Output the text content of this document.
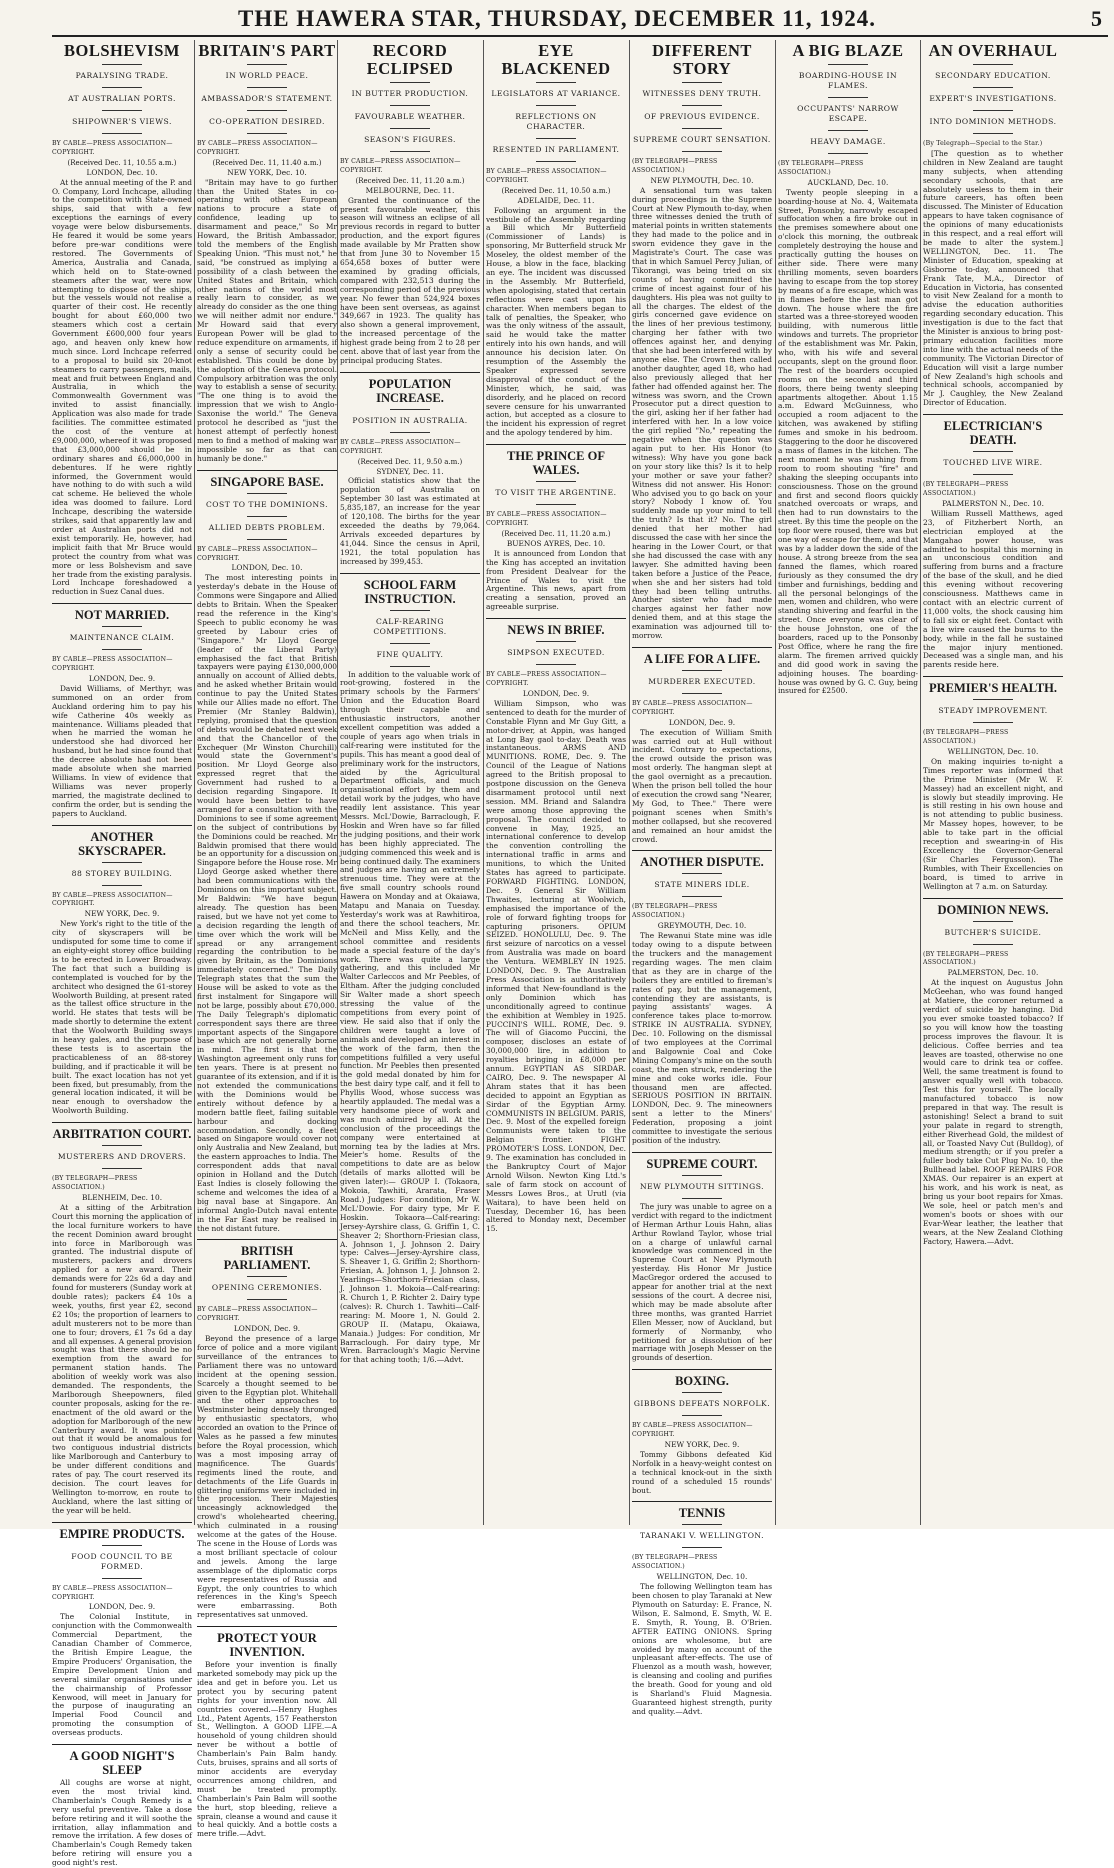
THE HAWERA STAR, THURSDAY, DECEMBER 11, 1924.	5
BOLSHEVISM
PARALYSING TRADE.
AT AUSTRALIAN PORTS.
SHIPOWNER'S VIEWS.
BY CABLE—PRESS ASSOCIATION—COPYRIGHT.
(Received Dec. 11, 10.55 a.m.)
LONDON, Dec. 10.

At the annual meeting of the P. and O. Company, Lord Inchcape, alluding to the competition with State-owned ships, said that with a few exceptions the earnings of every voyage were below disbursements. He feared it would be some years before pre-war conditions were restored. The Governments of America, Australia and Canada, which held on to State-owned steamers after the war, were now attempting to dispose of the ships, but the vessels would not realise a quarter of their cost. He recently bought for about £60,000 two steamers which cost a certain Government £600,000 four years ago, and heaven only knew how much since. Lord Inchcape referred to a proposal to build six 20-knot steamers to carry passengers, mails, meat and fruit between England and Australia, in which the Commonwealth Government was invited to assist financially. Application was also made for trade facilities. The committee estimated the cost of the venture at £9,000,000, whereof it was proposed that £3,000,000 should be in ordinary shares and £6,000,000 in debentures. If he were rightly informed, the Government would have nothing to do with such a wild cat scheme. He believed the whole idea was doomed to failure. Lord Inchcape, describing the waterside strikes, said that apparently law and order at Australian ports did not exist temporarily. He, however, had implicit faith that Mr Bruce would protect the country from what was more or less Bolshevism and save her trade from the existing paralysis. Lord Inchcape foreshadowed a reduction in Suez Canal dues.

NOT MARRIED.
MAINTENANCE CLAIM.
BY CABLE—PRESS ASSOCIATION—COPYRIGHT.
LONDON, Dec. 9.

David Williams, of Merthyr, was summoned on an order from Auckland ordering him to pay his wife Catherine 40s weekly as maintenance. Williams pleaded that when he married the woman he understood she had divorced her husband, but he had since found that the decree absolute had not been made absolute when she married Williams. In view of evidence that Williams was never properly married, the magistrate declined to confirm the order, but is sending the papers to Auckland.

ANOTHER SKYSCRAPER.
88 STOREY BUILDING.
BY CABLE—PRESS ASSOCIATION—COPYRIGHT.
NEW YORK, Dec. 9.

New York's right to the title of the city of skyscrapers will be undisputed for some time to come if an eighty-eight storey office building is to be erected in Lower Broadway. The fact that such a building is contemplated is vouched for by the architect who designed the 61-storey Woolworth Building, at present rated as the tallest office structure in the world. He states that tests will be made shortly to determine the extent that the Woolworth Building sways in heavy gales, and the purpose of these tests is to ascertain the practicableness of an 88-storey building, and if practicable it will be built. The exact location has not yet been fixed, but presumably, from the general location indicated, it will be near enough to overshadow the Woolworth Building.

ARBITRATION COURT.
MUSTERERS AND DROVERS.
(BY TELEGRAPH—PRESS ASSOCIATION.)
BLENHEIM, Dec. 10.

At a sitting of the Arbitration Court this morning the application of the local furniture workers to have the recent Dominion award brought into force in Marlborough was granted. The industrial dispute of musterers, packers and drovers applied for a new award. Their demands were for 22s 6d a day and found for musterers (Sunday work at double rates); packers £4 10s a week, youths, first year £2, second £2 10s; the proportion of learners to adult musterers not to be more than one to four; drovers, £1 7s 6d a day and all expenses. A general provision sought was that there should be no exemption from the award for permanent station hands. The abolition of weekly work was also demanded. The respondents, the Marlborough Sheepowners, filed counter proposals, asking for the re-enactment of the old award or the adoption for Marlborough of the new Canterbury award. It was pointed out that it would be anomalous for two contiguous industrial districts like Marlborough and Canterbury to be under different conditions and rates of pay. The court reserved its decision. The court leaves for Wellington to-morrow, en route to Auckland, where the last sitting of the year will be held.

EMPIRE PRODUCTS.
FOOD COUNCIL TO BE FORMED.
BY CABLE—PRESS ASSOCIATION—COPYRIGHT.
LONDON, Dec. 9.

The Colonial Institute, in conjunction with the Commonwealth Commercial Department, the Canadian Chamber of Commerce, the British Empire League, the Empire Producers' Organisation, the Empire Development Union and several similar organisations under the chairmanship of Professor Kenwood, will meet in January for the purpose of inaugurating an Imperial Food Council and promoting the consumption of overseas products.

A GOOD NIGHT'S SLEEP

All coughs are worse at night, even the most trivial kind. Chamberlain's Cough Remedy is a very useful preventive. Take a dose before retiring and it will soothe the irritation, allay inflammation and remove the irritation. A few doses of Chamberlain's Cough Remedy taken before retiring will ensure you a good night's rest.

BRITAIN'S PART
IN WORLD PEACE.
AMBASSADOR'S STATEMENT.
CO-OPERATION DESIRED.
BY CABLE—PRESS ASSOCIATION—COPYRIGHT.
(Received Dec. 11, 11.40 a.m.)
NEW YORK, Dec. 10.

"Britain may have to go further than the United States in co-operating with other European nations to procure a state of confidence, leading up to disarmament and peace," So Mr Howard, the British Ambassador, told the members of the English Speaking Union. "This must not," he said, "be construed as implying a possibility of a clash between the United States and Britain, which other nations of the world most really learn to consider, as we already do consider as the one thing we will neither admit nor endure." Mr Howard said that every European Power will be glad to reduce expenditure on armaments, if only a sense of security could be established. This could be done by the adoption of the Geneva protocol. Compulsory arbitration was the only way to establish a sense of security. "The one thing is to avoid the impression that we wish to Anglo-Saxonise the world." The Geneva protocol he described as "just the honest attempt of perfectly honest men to find a method of making war impossible so far as that can humanly be done."

SINGAPORE BASE.
COST TO THE DOMINIONS.
ALLIED DEBTS PROBLEM.
BY CABLE—PRESS ASSOCIATION—COPYRIGHT.
LONDON, Dec. 10.

The most interesting points in yesterday's debate in the House of Commons were Singapore and Allied debts to Britain. When the Speaker read the reference in the King's Speech to public economy he was greeted by Labour cries of "Singapore." Mr Lloyd George (leader of the Liberal Party) emphasised the fact that British taxpayers were paying £130,000,000 annually on account of Allied debts, and he asked whether Britain would continue to pay the United States while our Allies made no effort. The Premier (Mr Stanley Baldwin), replying, promised that the question of debts would be debated next week and that the Chancellor of the Exchequer (Mr Winston Churchill) would state the Government's position. Mr Lloyd George also expressed regret that the Government had rushed to a decision regarding Singapore. It would have been better to have arranged for a consultation with the Dominions to see if some agreement on the subject of contributions by the Dominions could be reached. Mr Baldwin promised that there would be an opportunity for a discussion on Singapore before the House rose. Mr Lloyd George asked whether there had been communications with the Dominions on this important subject. Mr Baldwin: "We have begun already. The question has been raised, but we have not yet come to a decision regarding the length of time over which the work will be spread or any arrangement regarding the contribution to be given by Britain, as the Dominions immediately concerned." The Daily Telegraph states that the sum the House will be asked to vote as the first instalment for Singapore will not be large, possibly about £70,000. The Daily Telegraph's diplomatic correspondent says there are three important aspects of the Singapore base which are not generally borne in mind. The first is that the Washington agreement only runs for ten years. There is at present no guarantee of its extension, and if it is not extended the communications with the Dominions would be entirely without defence by a modern battle fleet, failing suitable harbour and docking accommodation. Secondly, a fleet based on Singapore would cover not only Australia and New Zealand, but the eastern approaches to India. The correspondent adds that naval opinion in Holland and the Dutch East Indies is closely following the scheme and welcomes the idea of a big naval base at Singapore. An informal Anglo-Dutch naval entente in the Far East may be realised in the not distant future.

BRITISH PARLIAMENT.
OPENING CEREMONIES.
BY CABLE—PRESS ASSOCIATION—COPYRIGHT.
LONDON, Dec. 9.

Beyond the presence of a large force of police and a more vigilant surveillance of the entrances to Parliament there was no untoward incident at the opening session. Scarcely a thought seemed to be given to the Egyptian plot. Whitehall and the other approaches to Westminster being densely thronged by enthusiastic spectators, who accorded an ovation to the Prince of Wales as he passed a few minutes before the Royal procession, which was a most imposing array of magnificence. The Guards' regiments lined the route, and detachments of the Life Guards in glittering uniforms were included in the procession. Their Majesties unceasingly acknowledged the crowd's wholehearted cheering, which culminated in a rousing welcome at the gates of the House. The scene in the House of Lords was a most brilliant spectacle of colour and jewels. Among the large assemblage of the diplomatic corps were representatives of Russia and Egypt, the only countries to which references in the King's Speech were embarrassing. Both representatives sat unmoved.

PROTECT YOUR INVENTION.

Before your invention is finally marketed somebody may pick up the idea and get in before you. Let us protect you by securing patent rights for your invention now. All countries covered.—Henry Hughes Ltd., Patent Agents, 157 Featherston St., Wellington. A GOOD LIFE.—A household of young children should never be without a bottle of Chamberlain's Pain Balm handy. Cuts, bruises, sprains and all sorts of minor accidents are everyday occurrences among children, and must be treated promptly. Chamberlain's Pain Balm will soothe the hurt, stop bleeding, relieve a sprain, cleanse a wound and cause it to heal quickly. And a bottle costs a mere trifle.—Advt.

RECORD ECLIPSED
IN BUTTER PRODUCTION.
FAVOURABLE WEATHER.
SEASON'S FIGURES.
BY CABLE—PRESS ASSOCIATION—COPYRIGHT.
(Received Dec. 11, 11.20 a.m.)
MELBOURNE, Dec. 11.

Granted the continuance of the present favourable weather, this season will witness an eclipse of all previous records in regard to butter production, and the export figures made available by Mr Pratten show that from June 30 to November 15 654,658 boxes of butter were examined by grading officials, compared with 232,513 during the corresponding period of the previous year. No fewer than 524,924 boxes have been sent overseas, as against 349,667 in 1923. The quality has also shown a general improvement, the increased percentage of the highest grade being from 2 to 28 per cent. above that of last year from the principal producing States.

POPULATION INCREASE.
POSITION IN AUSTRALIA.
BY CABLE—PRESS ASSOCIATION—COPYRIGHT.
(Received Dec. 11, 9.50 a.m.)
SYDNEY, Dec. 11.

Official statistics show that the population of Australia on September 30 last was estimated at 5,835,187, an increase for the year of 120,108. The births for the year exceeded the deaths by 79,064. Arrivals exceeded departures by 41,044. Since the census in April, 1921, the total population has increased by 399,453.

SCHOOL FARM INSTRUCTION.
CALF-REARING COMPETITIONS.
FINE QUALITY.

In addition to the valuable work of root-growing, fostered in the primary schools by the Farmers' Union and the Education Board through their capable and enthusiastic instructors, another excellent competition was added a couple of years ago when trials in calf-rearing were instituted for the pupils. This has meant a good deal of preliminary work for the instructors, aided by the Agricultural Department officials, and much organisational effort by them and detail work by the judges, who have readily lent assistance. This year Messrs. McL'Dowie, Barraclough, F. Hoskin and Wren have so far filled the judging positions, and their work has been highly appreciated. The judging commenced this week and is being continued daily. The examiners and judges are having an extremely strenuous time. They were at the five small country schools round Hawera on Monday and at Okaiawa, Matapu and Manaia on Tuesday. Yesterday's work was at Rawhitiroa, and there the school teachers, Mr. McNeil and Miss Kelly, and the school committee and residents made a special feature of the day's work. There was quite a large gathering, and this included Mr Walter Carleccos and Mr Peebles, of Eltham. After the judging concluded Sir Walter made a short speech stressing the value of the competitions from every point of view. He said also that if only the children were taught a love of animals and developed an interest in the work of the farm, then the competitions fulfilled a very useful function. Mr Peebles then presented the gold medal donated by him for the best dairy type calf, and it fell to Phyllis Wood, whose success was heartily applauded. The medal was a very handsome piece of work and was much admired by all. At the conclusion of the proceedings the company were entertained at morning tea by the ladies at Mrs. Meier's home. Results of the competitions to date are as below (details of marks allotted will be given later):— GROUP I. (Tokaora, Mokoia, Tawhiti, Ararata, Fraser Road.) Judges: For condition, Mr W. McL'Dowie. For dairy type, Mr F. Hoskin. Tokaora—Calf-rearing: Jersey-Ayrshire class, G. Griffin 1, C. Sheaver 2; Shorthorn-Friesian class, A. Johnson 1, J. Johnson 2. Dairy type: Calves—Jersey-Ayrshire class, S. Sheaver 1, G. Griffin 2; Shorthorn-Friesian, A. Johnson 1, J. Johnson 2. Yearlings—Shorthorn-Friesian class, J. Johnson 1. Mokoia—Calf-rearing: R. Church 1, P. Richter 2. Dairy type (calves): R. Church 1. Tawhiti—Calf-rearing: M. Moore 1, N. Gould 2. GROUP II. (Matapu, Okaiawa, Manaia.) Judges: For condition, Mr Barraclough. For dairy type, Mr Wren. Barraclough's Magic Nervine for that aching tooth; 1/6.—Advt.

EYE BLACKENED
LEGISLATORS AT VARIANCE.
REFLECTIONS ON CHARACTER.
RESENTED IN PARLIAMENT.
BY CABLE—PRESS ASSOCIATION—COPYRIGHT.
(Received Dec. 11, 10.50 a.m.)
ADELAIDE, Dec. 11.

Following an argument in the vestibule of the Assembly regarding a Bill which Mr Butterfield (Commissioner of Lands) is sponsoring, Mr Butterfield struck Mr Moseley, the oldest member of the House, a blow in the face, blacking an eye. The incident was discussed in the Assembly. Mr Butterfield, when apologising, stated that certain reflections were cast upon his character. When members began to talk of penalties, the Speaker, who was the only witness of the assault, said he would take the matter entirely into his own hands, and will announce his decision later. On resumption of the Assembly the Speaker expressed severe disapproval of the conduct of the Minister, which, he said, was disorderly, and he placed on record severe censure for his unwarranted action, but accepted as a closure to the incident his expression of regret and the apology tendered by him.

THE PRINCE OF WALES.
TO VISIT THE ARGENTINE.
BY CABLE—PRESS ASSOCIATION—COPYRIGHT.
(Received Dec. 11, 11.20 a.m.)
BUENOS AYRES, Dec. 10.

It is announced from London that the King has accepted an invitation from President Dealvear for the Prince of Wales to visit the Argentine. This news, apart from creating a sensation, proved an agreeable surprise.

NEWS IN BRIEF.
SIMPSON EXECUTED.
BY CABLE—PRESS ASSOCIATION—COPYRIGHT.
LONDON, Dec. 9.

William Simpson, who was sentenced to death for the murder of Constable Flynn and Mr Guy Gitt, a motor-driver, at Appin, was hanged at Long Bay gaol to-day. Death was instantaneous. ARMS AND MUNITIONS. ROME, Dec. 9. The Council of the League of Nations agreed to the British proposal to postpone discussion on the Geneva disarmament protocol until next session. MM. Briand and Salandra were among those approving the proposal. The council decided to convene in May, 1925, an international conference to develop the convention controlling the international traffic in arms and munitions, to which the United States has agreed to participate. FORWARD FIGHTING. LONDON, Dec. 9. General Sir William Thwaites, lecturing at Woolwich, emphasised the importance of the role of forward fighting troops for capturing prisoners. OPIUM SEIZED. HONOLULU, Dec. 9. The first seizure of narcotics on a vessel from Australia was made on board the Ventura. WEMBLEY IN 1925. LONDON, Dec. 9. The Australian Press Association is authoritatively informed that New-foundland is the only Dominion which has unconditionally agreed to continue the exhibition at Wembley in 1925. PUCCINI'S WILL. ROME, Dec. 9. The will of Giacomo Puccini, the composer, discloses an estate of 30,000,000 lire, in addition to royalties bringing in £8,000 per annum. EGYPTIAN AS SIRDAR. CAIRO, Dec. 9. The newspaper Al Ahram states that it has been decided to appoint an Egyptian as Sirdar of the Egyptian Army. COMMUNISTS IN BELGIUM. PARIS, Dec. 9. Most of the expelled foreign Communists were taken to the Belgian frontier. FIGHT PROMOTER'S LOSS. LONDON, Dec. 9. The examination has concluded in the Bankruptcy Court of Major Arnold Wilson. Newton King Ltd.'s sale of farm stock on account of Messrs Lowes Bros., at Urutl (via Waitara), to have been held on Tuesday, December 16, has been altered to Monday next, December 15.

DIFFERENT STORY
WITNESSES DENY TRUTH.
OF PREVIOUS EVIDENCE.
SUPREME COURT SENSATION.
(BY TELEGRAPH—PRESS ASSOCIATION.)
NEW PLYMOUTH, Dec. 10.

A sensational turn was taken during proceedings in the Supreme Court at New Plymouth to-day, when three witnesses denied the truth of material points in written statements they had made to the police and in sworn evidence they gave in the Magistrate's Court. The case was that in which Samuel Percy Julian, of Tikorangi, was being tried on six counts of having committed the crime of incest against four of his daughters. His plea was not guilty to all the charges. The eldest of the girls concerned gave evidence on the lines of her previous testimony, charging her father with two offences against her, and denying that she had been interfered with by anyone else. The Crown then called another daughter, aged 18, who had also previously alleged that her father had offended against her. The witness was sworn, and the Crown Prosecutor put a direct question to the girl, asking her if her father had interfered with her. In a low voice the girl replied "No," repeating the negative when the question was again put to her. His Honor (to witness): Why have you gone back on your story like this? Is it to help your mother or save your father? Witness did not answer. His Honor: Who advised you to go back on your story? Nobody I know of. You suddenly made up your mind to tell the truth? Is that it? No. The girl denied that her mother had discussed the case with her since the hearing in the Lower Court, or that she had discussed the case with any lawyer. She admitted having been taken before a Justice of the Peace, when she and her sisters had told they had been telling untruths. Another sister who had made charges against her father now denied them, and at this stage the examination was adjourned till to-morrow.

A LIFE FOR A LIFE.
MURDERER EXECUTED.
BY CABLE—PRESS ASSOCIATION—COPYRIGHT.
LONDON, Dec. 9.

The execution of William Smith was carried out at Hull without incident. Contrary to expectations, the crowd outside the prison was most orderly. The hangman slept at the gaol overnight as a precaution. When the prison bell tolled the hour of execution the crowd sang "Nearer, My God, to Thee." There were poignant scenes when Smith's mother collapsed, but she recovered and remained an hour amidst the crowd.

ANOTHER DISPUTE.
STATE MINERS IDLE.
(BY TELEGRAPH—PRESS ASSOCIATION.)
GREYMOUTH, Dec. 10.

The Rewanui State mine was idle today owing to a dispute between the truckers and the management regarding wages. The men claim that as they are in charge of the boilers they are entitled to fireman's rates of pay, but the management, contending they are assistants, is paying assistants' wages. A conference takes place to-morrow. STRIKE IN AUSTRALIA. SYDNEY, Dec. 10. Following on the dismissal of two employees at the Corrimal and Balgownie Coal and Coke Mining Company's mine on the south coast, the men struck, rendering the mine and coke works idle. Four thousand men are affected. SERIOUS POSITION IN BRITAIN. LONDON, Dec. 9. The mineowners sent a letter to the Miners' Federation, proposing a joint committee to investigate the serious position of the industry.

SUPREME COURT.
NEW PLYMOUTH SITTINGS.

The jury was unable to agree on a verdict with regard to the indictment of Herman Arthur Louis Hahn, alias Arthur Rowland Taylor, whose trial on a charge of unlawful carnal knowledge was commenced in the Supreme Court at New Plymouth yesterday. His Honor Mr Justice MacGregor ordered the accused to appear for another trial at the next sessions of the court. A decree nisi, which may be made absolute after three months, was granted Harriet Ellen Messer, now of Auckland, but formerly of Normanby, who petitioned for a dissolution of her marriage with Joseph Messer on the grounds of desertion.

BOXING.
GIBBONS DEFEATS NORFOLK.
BY CABLE—PRESS ASSOCIATION—COPYRIGHT.
NEW YORK, Dec. 9.

Tommy Gibbons defeated Kid Norfolk in a heavy-weight contest on a technical knock-out in the sixth round of a scheduled 15 rounds' bout.

TENNIS
TARANAKI V. WELLINGTON.
(BY TELEGRAPH—PRESS ASSOCIATION.)
WELLINGTON, Dec. 10.

The following Wellington team has been chosen to play Taranaki at New Plymouth on Saturday: E. France, N. Wilson, E. Salmond, E. Smyth, W. E. E. Smyth, R. Young, B. O'Brien. AFTER EATING ONIONS. Spring onions are wholesome, but are avoided by many on account of the unpleasant after-effects. The use of Fluenzol as a mouth wash, however, is cleansing and cooling and purifies the breath. Good for young and old is Sharland's Fluid Magnesia. Guaranteed highest strength, purity and quality.—Advt.

A BIG BLAZE
BOARDING-HOUSE IN FLAMES.
OCCUPANTS' NARROW ESCAPE.
HEAVY DAMAGE.
(BY TELEGRAPH—PRESS ASSOCIATION.)
AUCKLAND, Dec. 10.

Twenty people sleeping in a boarding-house at No. 4, Waitemata Street, Ponsonby, narrowly escaped suffocation when a fire broke out in the premises somewhere about one o'clock this morning, the outbreak completely destroying the house and practically gutting the houses on either side. There were many thrilling moments, seven boarders having to escape from the top storey by means of a fire escape, which was in flames before the last man got down. The house where the fire started was a three-storeyed wooden building, with numerous little windows and turrets. The proprietor of the establishment was Mr. Pakin, who, with his wife and several occupants, slept on the ground floor. The rest of the boarders occupied rooms on the second and third floors, there being twenty sleeping apartments altogether. About 1.15 a.m. Edward McGuinness, who occupied a room adjacent to the kitchen, was awakened by stifling fumes and smoke in his bedroom. Staggering to the door he discovered a mass of flames in the kitchen. The next moment he was rushing from room to room shouting "fire" and shaking the sleeping occupants into consciousness. Those on the ground and first and second floors quickly snatched overcoats or wraps, and then had to run downstairs to the street. By this time the people on the top floor were roused, there was but one way of escape for them, and that was by a ladder down the side of the house. A strong breeze from the sea fanned the flames, which roared furiously as they consumed the dry timber and furnishings, bedding and all the personal belongings of the men, women and children, who were standing shivering and fearful in the street. Once everyone was clear of the house Johnston, one of the boarders, raced up to the Ponsonby Post Office, where he rang the fire alarm. The firemen arrived quickly and did good work in saving the adjoining houses. The boarding-house was owned by G. C. Guy, being insured for £2500.

AN OVERHAUL
SECONDARY EDUCATION.
EXPERT'S INVESTIGATIONS.
INTO DOMINION METHODS.
(By Telegraph—Special to the Star.)

[The question as to whether children in New Zealand are taught many subjects, when attending secondary schools, that are absolutely useless to them in their future careers, has often been discussed. The Minister of Education appears to have taken cognisance of the opinions of many educationists in this respect, and a real effort will be made to alter the system.] WELLINGTON, Dec. 11. The Minister of Education, speaking at Gisborne to-day, announced that Frank Tate, M.A., Director of Education in Victoria, has consented to visit New Zealand for a month to advise the education authorities regarding secondary education. This investigation is due to the fact that the Minister is anxious to bring post-primary education facilities more into line with the actual needs of the community. The Victorian Director of Education will visit a large number of New Zealand's high schools and technical schools, accompanied by Mr J. Caughley, the New Zealand Director of Education.

ELECTRICIAN'S DEATH.
TOUCHED LIVE WIRE.
(BY TELEGRAPH—PRESS ASSOCIATION.)
PALMERSTON N., Dec. 10.

William Russell Matthews, aged 23, of Fitzherbert North, an electrician employed at the Mangahao power house, was admitted to hospital this morning in an unconscious condition and suffering from burns and a fracture of the base of the skull, and he died this evening without recovering consciousness. Matthews came in contact with an electric current of 11,000 volts, the shock causing him to fall six or eight feet. Contact with a live wire caused the burns to the body, while in the fall he sustained the major injury mentioned. Deceased was a single man, and his parents reside here.

PREMIER'S HEALTH.
STEADY IMPROVEMENT.
(BY TELEGRAPH—PRESS ASSOCIATION.)
WELLINGTON, Dec. 10.

On making inquiries to-night a Times reporter was informed that the Prime Minister (Mr W. F. Massey) had an excellent night, and is slowly but steadily improving. He is still resting in his own house and is not attending to public business. Mr Massey hopes, however, to be able to take part in the official reception and swearing-in of His Excellency the Governor-General (Sir Charles Fergusson). The Rumbles, with Their Excellencies on board, is timed to arrive in Wellington at 7 a.m. on Saturday.

DOMINION NEWS.
BUTCHER'S SUICIDE.
(BY TELEGRAPH—PRESS ASSOCIATION.)
PALMERSTON, Dec. 10.

At the inquest on Augustus John McGeehan, who was found hanged at Matiere, the coroner returned a verdict of suicide by hanging. Did you ever smoke toasted tobacco? If so you will know how the toasting process improves the flavour. It is delicious. Coffee berries and tea leaves are toasted, otherwise no one would care to drink tea or coffee. Well, the same treatment is found to answer equally well with tobacco. Test this for yourself. The locally manufactured tobacco is now prepared in that way. The result is astonishing! Select a brand to suit your palate in regard to strength, either Riverhead Gold, the mildest of all, or Toasted Navy Cut (Bulldog), of medium strength; or if you prefer a fuller body take Cut Plug No. 10, the Bullhead label. ROOF REPAIRS FOR XMAS. Our repairer is an expert at his work, and his work is neat, as bring us your boot repairs for Xmas. We sole, heel or patch men's and women's boots or shoes with our Evar-Wear leather, the leather that wears, at the New Zealand Clothing Factory, Hawera.—Advt.
